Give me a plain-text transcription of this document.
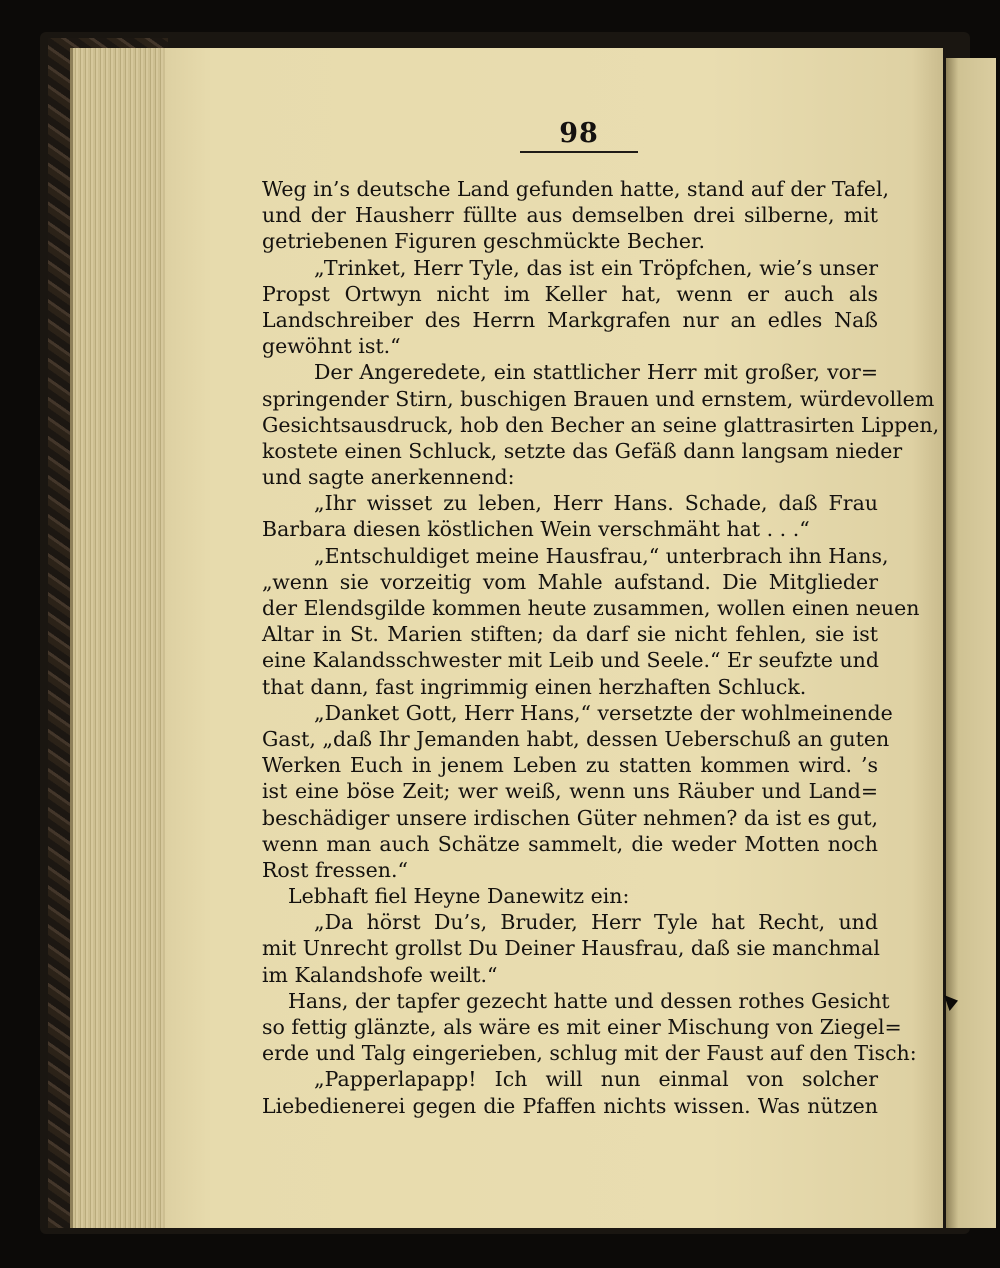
98
Weg in’s deutsche Land gefunden hatte, stand auf der Tafel,
und der Hausherr füllte aus demselben drei silberne, mit
getriebenen Figuren geschmückte Becher.
„Trinket, Herr Tyle, das ist ein Tröpfchen, wie’s unser
Propst Ortwyn nicht im Keller hat, wenn er auch als
Landschreiber des Herrn Markgrafen nur an edles Naß
gewöhnt ist.“
Der Angeredete, ein stattlicher Herr mit großer, vor=
springender Stirn, buschigen Brauen und ernstem, würdevollem
Gesichtsausdruck, hob den Becher an seine glattrasirten Lippen,
kostete einen Schluck, setzte das Gefäß dann langsam nieder
und sagte anerkennend:
„Ihr wisset zu leben, Herr Hans. Schade, daß Frau
Barbara diesen köstlichen Wein verschmäht hat . . .“
„Entschuldiget meine Hausfrau,“ unterbrach ihn Hans,
„wenn sie vorzeitig vom Mahle aufstand. Die Mitglieder
der Elendsgilde kommen heute zusammen, wollen einen neuen
Altar in St. Marien stiften; da darf sie nicht fehlen, sie ist
eine Kalandsschwester mit Leib und Seele.“ Er seufzte und
that dann, fast ingrimmig einen herzhaften Schluck.
„Danket Gott, Herr Hans,“ versetzte der wohlmeinende
Gast, „daß Ihr Jemanden habt, dessen Ueberschuß an guten
Werken Euch in jenem Leben zu statten kommen wird. ’s
ist eine böse Zeit; wer weiß, wenn uns Räuber und Land=
beschädiger unsere irdischen Güter nehmen? da ist es gut,
wenn man auch Schätze sammelt, die weder Motten noch
Rost fressen.“
Lebhaft fiel Heyne Danewitz ein:
„Da hörst Du’s, Bruder, Herr Tyle hat Recht, und
mit Unrecht grollst Du Deiner Hausfrau, daß sie manchmal
im Kalandshofe weilt.“
Hans, der tapfer gezecht hatte und dessen rothes Gesicht
so fettig glänzte, als wäre es mit einer Mischung von Ziegel=
erde und Talg eingerieben, schlug mit der Faust auf den Tisch:
„Papperlapapp! Ich will nun einmal von solcher
Liebedienerei gegen die Pfaffen nichts wissen. Was nützen
